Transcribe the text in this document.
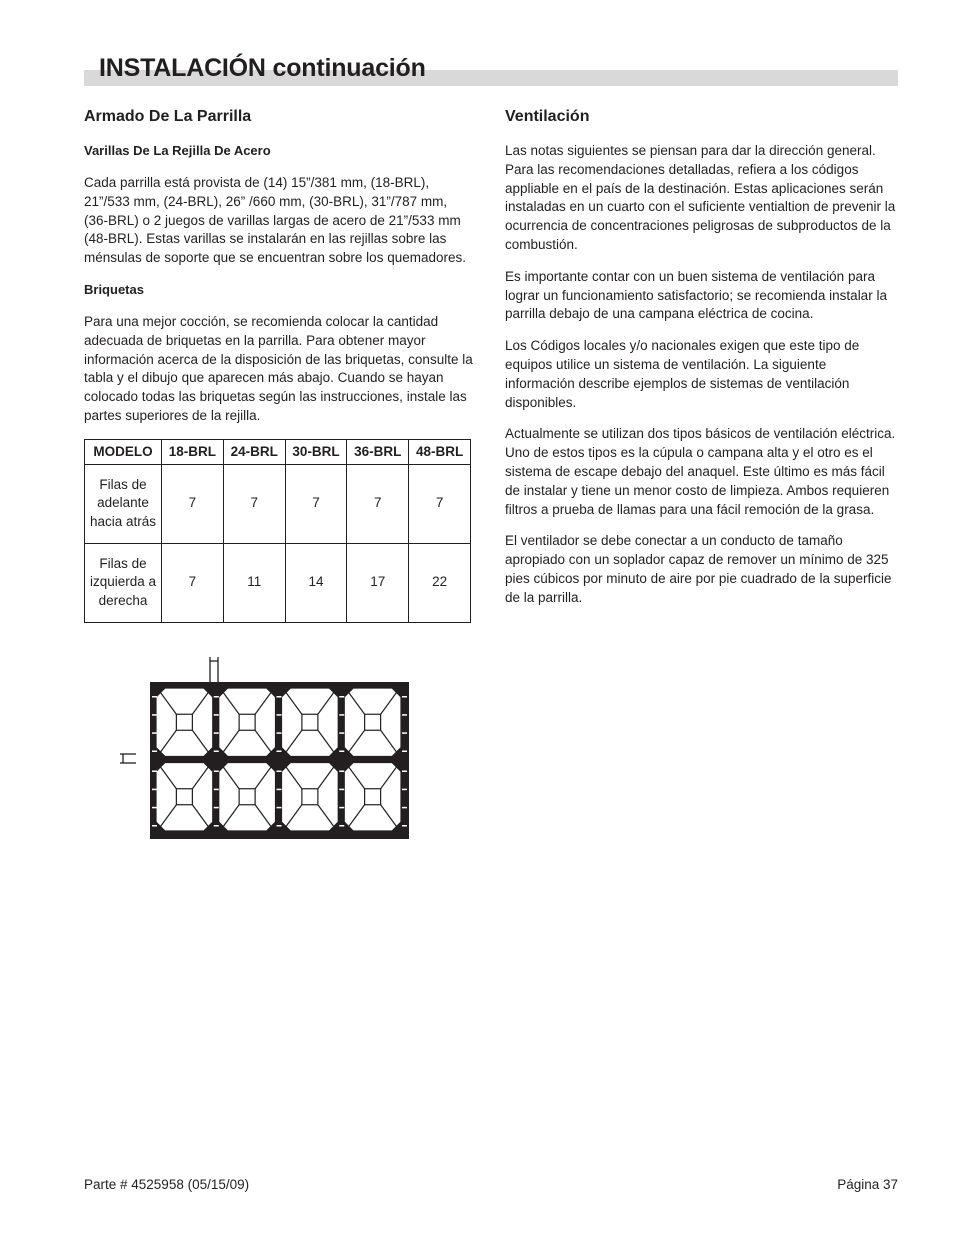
INSTALACIÓN continuación
Armado De La Parrilla
Varillas De La Rejilla De Acero

Cada parrilla está provista de (14) 15”/381 mm, (18-BRL), 21”/533 mm, (24-BRL), 26” /660 mm, (30-BRL), 31”/787 mm, (36-BRL) o 2 juegos de varillas largas de acero de 21”/533 mm (48-BRL). Estas varillas se instalarán en las rejillas sobre las ménsulas de soporte que se encuentran sobre los quemadores.

Briquetas

Para una mejor cocción, se recomienda colocar la cantidad adecuada de briquetas en la parrilla. Para obtener mayor información acerca de la disposición de las briquetas, consulte la tabla y el dibujo que aparecen más abajo. Cuando se hayan colocado todas las briquetas según las instrucciones, instale las partes superiores de la rejilla.

MODELO	18-BRL	24-BRL	30-BRL	36-BRL	48-BRL
Filas de adelante hacia atrás	7	7	7	7	7
Filas de izquierda a derecha	7	11	14	17	22
Ventilación

Las notas siguientes se piensan para dar la dirección general. Para las recomendaciones detalladas, refiera a los códigos appliable en el país de la destinación. Estas aplicaciones serán instaladas en un cuarto con el suficiente ventialtion de prevenir la ocurrencia de concentraciones peligrosas de subproductos de la combustión.

Es importante contar con un buen sistema de ventilación para lograr un funcionamiento satisfactorio; se recomienda instalar la parrilla debajo de una campana eléctrica de cocina.

Los Códigos locales y/o nacionales exigen que este tipo de equipos utilice un sistema de ventilación. La siguiente información describe ejemplos de sistemas de ventilación disponibles.

Actualmente se utilizan dos tipos básicos de ventilación eléctrica. Uno de estos tipos es la cúpula o campana alta y el otro es el sistema de escape debajo del anaquel. Este último es más fácil de instalar y tiene un menor costo de limpieza. Ambos requieren filtros a prueba de llamas para una fácil remoción de la grasa.

El ventilador se debe conectar a un conducto de tamaño apropiado con un soplador capaz de remover un mínimo de 325 pies cúbicos por minuto de aire por pie cuadrado de la superficie de la parrilla.

Parte # 4525958 (05/15/09)	Página 37
